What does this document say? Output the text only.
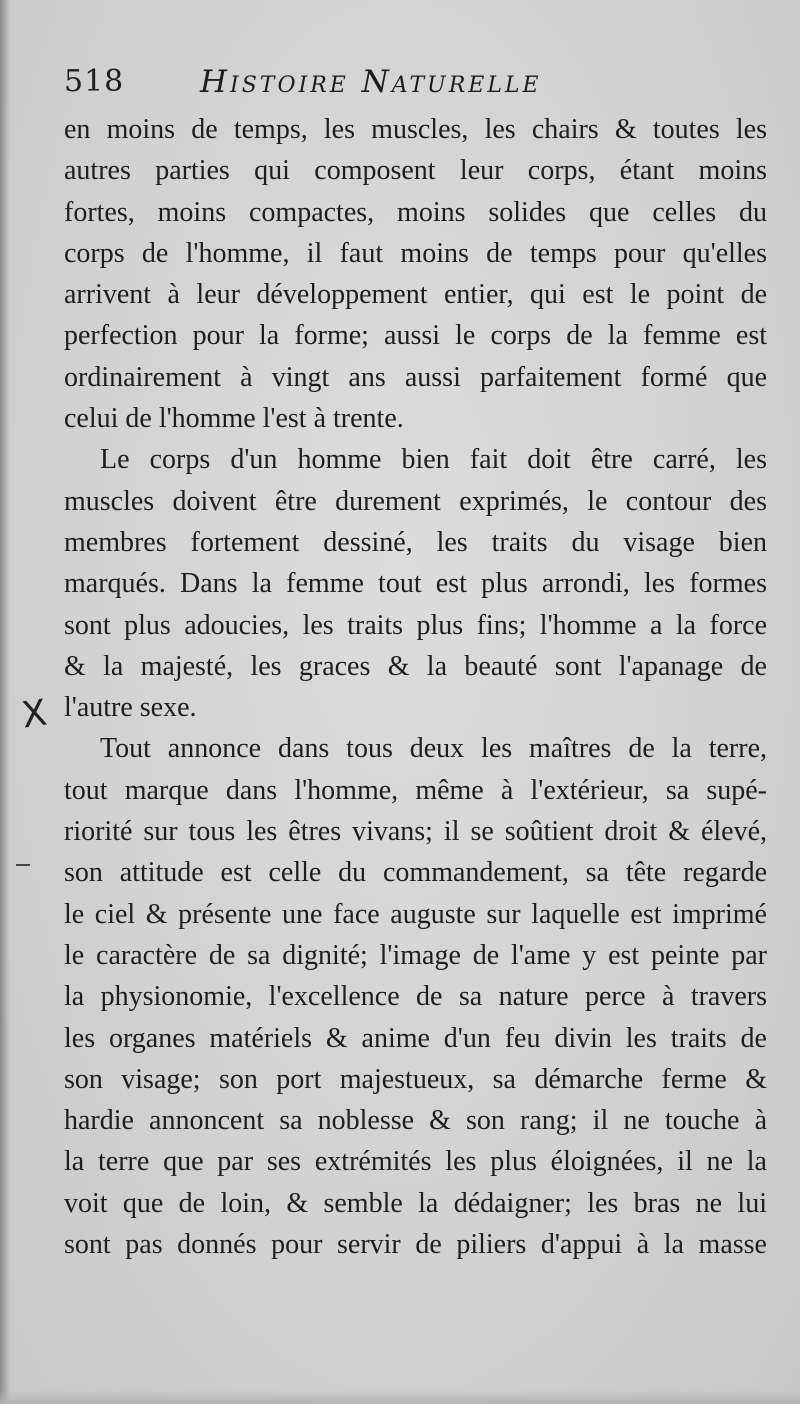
518 Histoire Naturelle
X
en moins de temps, les muscles, les chairs & toutes les
autres parties qui composent leur corps, étant moins
fortes, moins compactes, moins solides que celles du
corps de l'homme, il faut moins de temps pour qu'elles
arrivent à leur développement entier, qui est le point de
perfection pour la forme; aussi le corps de la femme est
ordinairement à vingt ans aussi parfaitement formé que
celui de l'homme l'est à trente.
Le corps d'un homme bien fait doit être carré, les
muscles doivent être durement exprimés, le contour des
membres fortement dessiné, les traits du visage bien
marqués. Dans la femme tout est plus arrondi, les formes
sont plus adoucies, les traits plus fins; l'homme a la force
& la majesté, les graces & la beauté sont l'apanage de
l'autre sexe.
Tout annonce dans tous deux les maîtres de la terre,
tout marque dans l'homme, même à l'extérieur, sa supé-
riorité sur tous les êtres vivans; il se soûtient droit & élevé,
son attitude est celle du commandement, sa tête regarde
le ciel & présente une face auguste sur laquelle est imprimé
le caractère de sa dignité; l'image de l'ame y est peinte par
la physionomie, l'excellence de sa nature perce à travers
les organes matériels & anime d'un feu divin les traits de
son visage; son port majestueux, sa démarche ferme &
hardie annoncent sa noblesse & son rang; il ne touche à
la terre que par ses extrémités les plus éloignées, il ne la
voit que de loin, & semble la dédaigner; les bras ne lui
sont pas donnés pour servir de piliers d'appui à la masse
